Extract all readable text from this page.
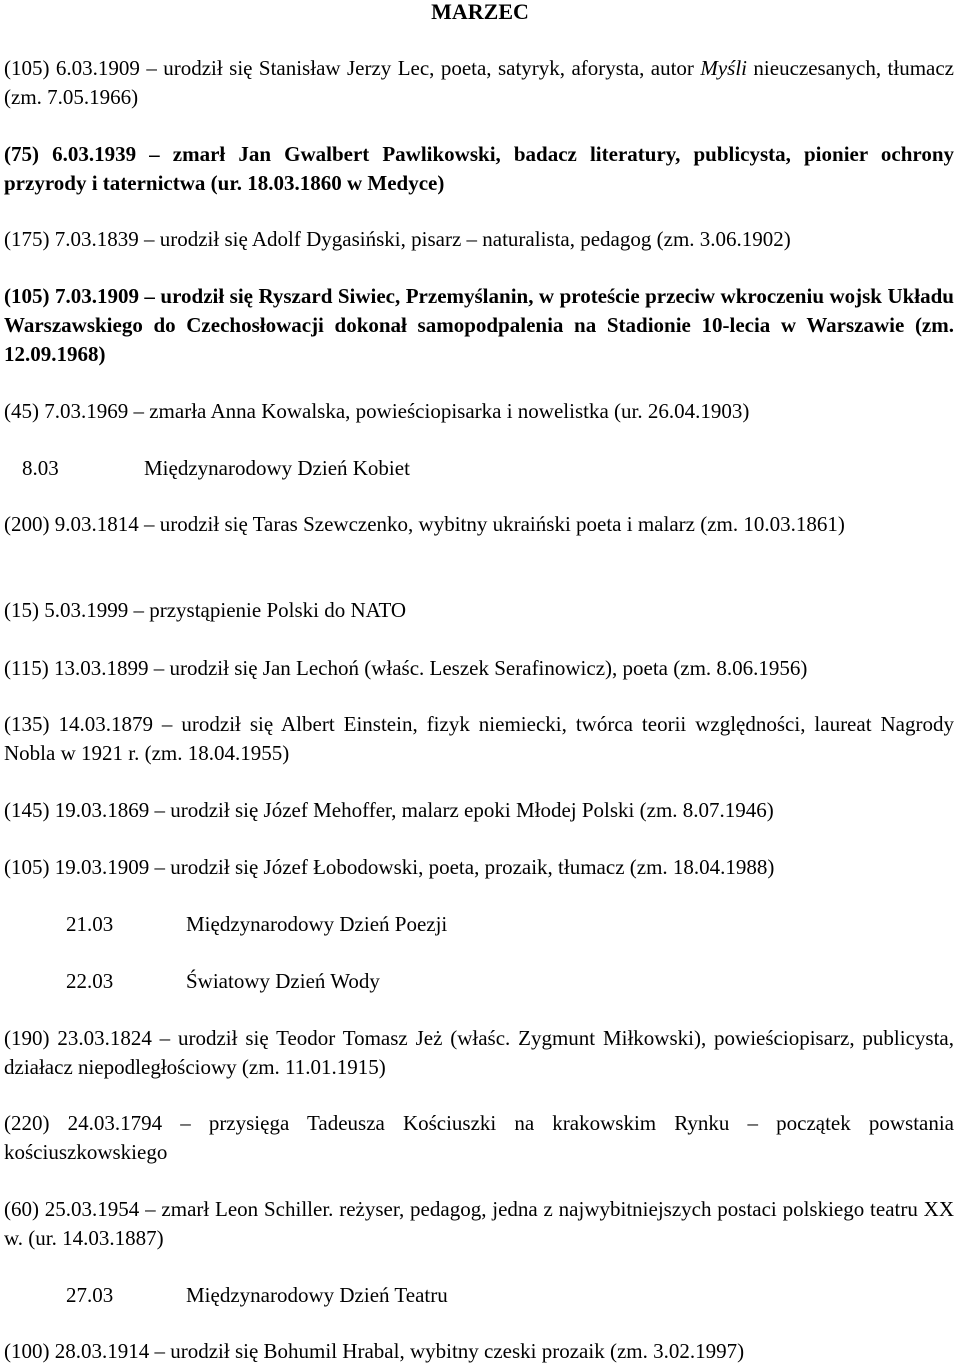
MARZEC

(105) 6.03.1909 – urodził się Stanisław Jerzy Lec, poeta, satyryk, aforysta, autor Myśli nieuczesanych, tłumacz (zm. 7.05.1966)

(75) 6.03.1939 – zmarł Jan Gwalbert Pawlikowski, badacz literatury, publicysta, pionier ochrony przyrody i taternictwa (ur. 18.03.1860 w Medyce)

(175) 7.03.1839 – urodził się Adolf Dygasiński, pisarz – naturalista, pedagog (zm. 3.06.1902)

(105) 7.03.1909 – urodził się Ryszard Siwiec, Przemyślanin, w proteście przeciw wkroczeniu wojsk Układu Warszawskiego do Czechosłowacji dokonał samopodpalenia na Stadionie 10-lecia w Warszawie (zm. 12.09.1968)

(45) 7.03.1969 – zmarła Anna Kowalska, powieściopisarka i nowelistka (ur. 26.04.1903)

8.03	Międzynarodowy Dzień Kobiet

(200) 9.03.1814 – urodził się Taras Szewczenko, wybitny ukraiński poeta i malarz (zm. 10.03.1861)

(15) 5.03.1999 – przystąpienie Polski do NATO

(115) 13.03.1899 – urodził się Jan Lechoń (właśc. Leszek Serafinowicz), poeta (zm. 8.06.1956)

(135) 14.03.1879 – urodził się Albert Einstein, fizyk niemiecki, twórca teorii względności, laureat Nagrody Nobla w 1921 r. (zm. 18.04.1955)

(145) 19.03.1869 – urodził się Józef Mehoffer, malarz epoki Młodej Polski (zm. 8.07.1946)

(105) 19.03.1909 – urodził się Józef Łobodowski, poeta, prozaik, tłumacz (zm. 18.04.1988)

21.03	Międzynarodowy Dzień Poezji

22.03	Światowy Dzień Wody

(190) 23.03.1824 – urodził się Teodor Tomasz Jeż (właśc. Zygmunt Miłkowski), powieściopisarz, publicysta, działacz niepodległościowy (zm. 11.01.1915)

(220) 24.03.1794 – przysięga Tadeusza Kościuszki na krakowskim Rynku – początek powstania kościuszkowskiego

(60) 25.03.1954 – zmarł Leon Schiller. reżyser, pedagog, jedna z najwybitniejszych postaci polskiego teatru XX w. (ur. 14.03.1887)

27.03	Międzynarodowy Dzień Teatru

(100) 28.03.1914 – urodził się Bohumil Hrabal, wybitny czeski prozaik (zm. 3.02.1997)
